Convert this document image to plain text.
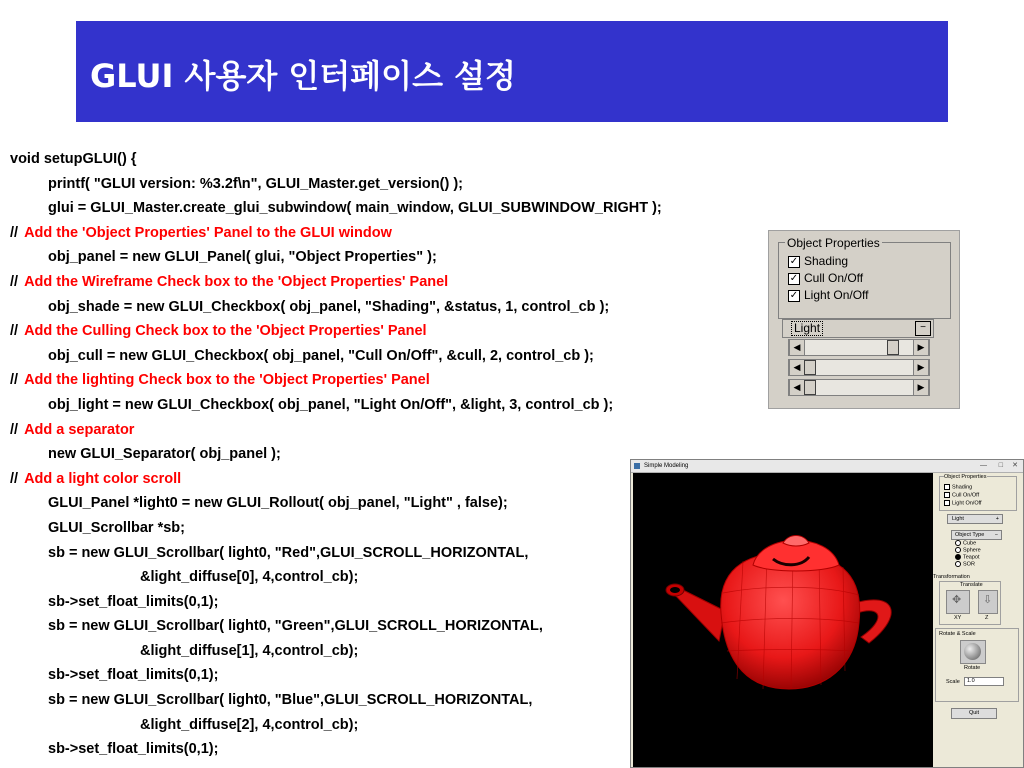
GLUI 사용자 인터페이스 설정
void setupGLUI() {
printf( "GLUI version: %3.2f\n", GLUI_Master.get_version() );
glui = GLUI_Master.create_glui_subwindow( main_window, GLUI_SUBWINDOW_RIGHT );
// Add the 'Object Properties' Panel to the GLUI window
obj_panel = new GLUI_Panel( glui, "Object Properties" );
// Add the Wireframe Check box to the 'Object Properties' Panel
obj_shade = new GLUI_Checkbox( obj_panel, "Shading", &status, 1, control_cb );
// Add the Culling Check box to the 'Object Properties' Panel
obj_cull = new GLUI_Checkbox( obj_panel, "Cull On/Off", &cull, 2, control_cb );
// Add the lighting Check box to the 'Object Properties' Panel
obj_light = new GLUI_Checkbox( obj_panel, "Light On/Off", &light, 3, control_cb );
// Add a separator
new GLUI_Separator( obj_panel );
// Add a light color scroll
GLUI_Panel *light0 = new GLUI_Rollout( obj_panel, "Light" , false);
GLUI_Scrollbar *sb;
sb = new GLUI_Scrollbar( light0, "Red",GLUI_SCROLL_HORIZONTAL,
&light_diffuse[0], 4,control_cb);
sb->set_float_limits(0,1);
sb = new GLUI_Scrollbar( light0, "Green",GLUI_SCROLL_HORIZONTAL,
&light_diffuse[1], 4,control_cb);
sb->set_float_limits(0,1);
sb = new GLUI_Scrollbar( light0, "Blue",GLUI_SCROLL_HORIZONTAL,
&light_diffuse[2], 4,control_cb);
sb->set_float_limits(0,1);
Object Properties
✓ Shading
✓ Cull On/Off
✓ Light On/Off
Light	−
◀	▶
◀	▶
◀	▶
Simple Modeling	— □ ✕
Object Properties
Shading
Cull On/Off
Light On/Off
Light	+
Object Type −
Cube
Sphere
Teapot
SOR
Transformation
Translate
✥ ⇩
XY	Z
Rotate & Scale
Rotate
Scale	1.0
Quit
